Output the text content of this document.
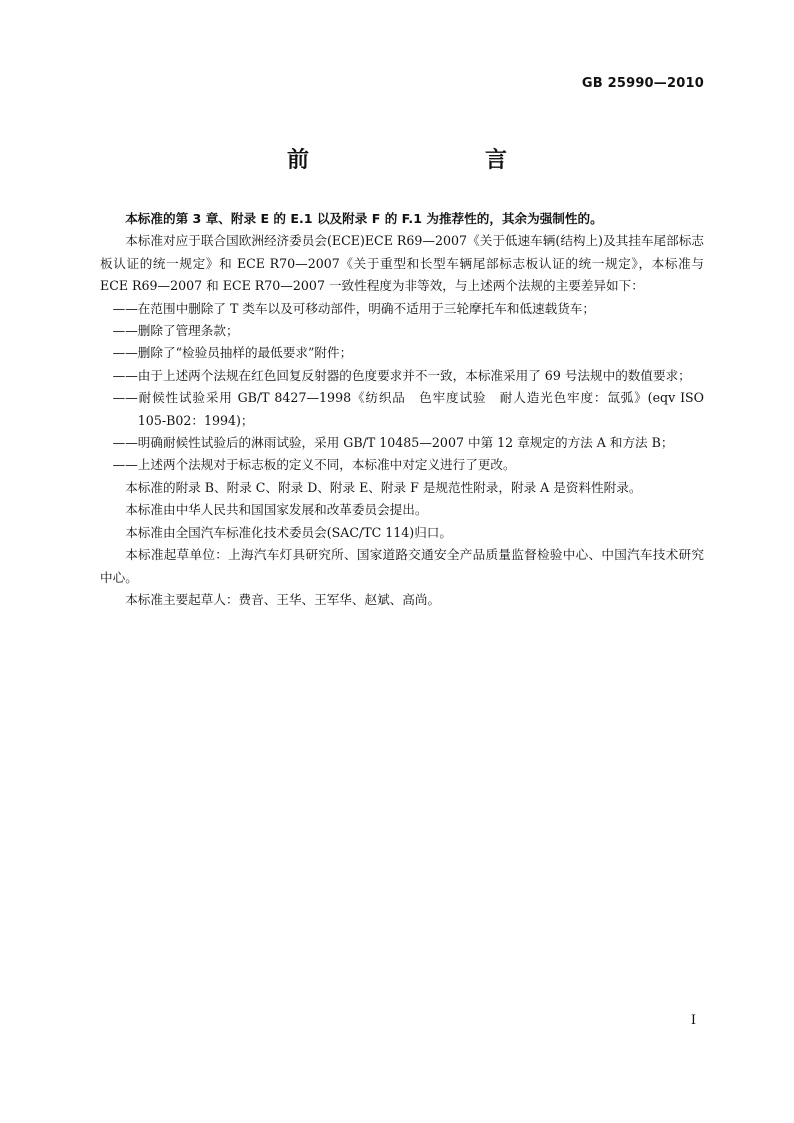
GB 25990—2010
前　　言

本标准的第 3 章、附录 E 的 E.1 以及附录 F 的 F.1 为推荐性的，其余为强制性的。

本标准对应于联合国欧洲经济委员会(ECE)ECE R69—2007《关于低速车辆(结构上)及其挂车尾部标志板认证的统一规定》和 ECE R70—2007《关于重型和长型车辆尾部标志板认证的统一规定》，本标准与 ECE R69—2007 和 ECE R70—2007 一致性程度为非等效，与上述两个法规的主要差异如下：

——在范围中删除了 T 类车以及可移动部件，明确不适用于三轮摩托车和低速载货车；

——删除了管理条款；

——删除了“检验员抽样的最低要求”附件；

——由于上述两个法规在红色回复反射器的色度要求并不一致，本标准采用了 69 号法规中的数值要求；

——耐候性试验采用 GB/T 8427—1998《纺织品　色牢度试验　耐人造光色牢度：氙弧》(eqv ISO 105-B02：1994)；

——明确耐候性试验后的淋雨试验，采用 GB/T 10485—2007 中第 12 章规定的方法 A 和方法 B；

——上述两个法规对于标志板的定义不同，本标准中对定义进行了更改。

本标准的附录 B、附录 C、附录 D、附录 E、附录 F 是规范性附录，附录 A 是资料性附录。

本标准由中华人民共和国国家发展和改革委员会提出。

本标准由全国汽车标准化技术委员会(SAC/TC 114)归口。

本标准起草单位：上海汽车灯具研究所、国家道路交通安全产品质量监督检验中心、中国汽车技术研究中心。

本标准主要起草人：费音、王华、王军华、赵斌、高尚。

I
